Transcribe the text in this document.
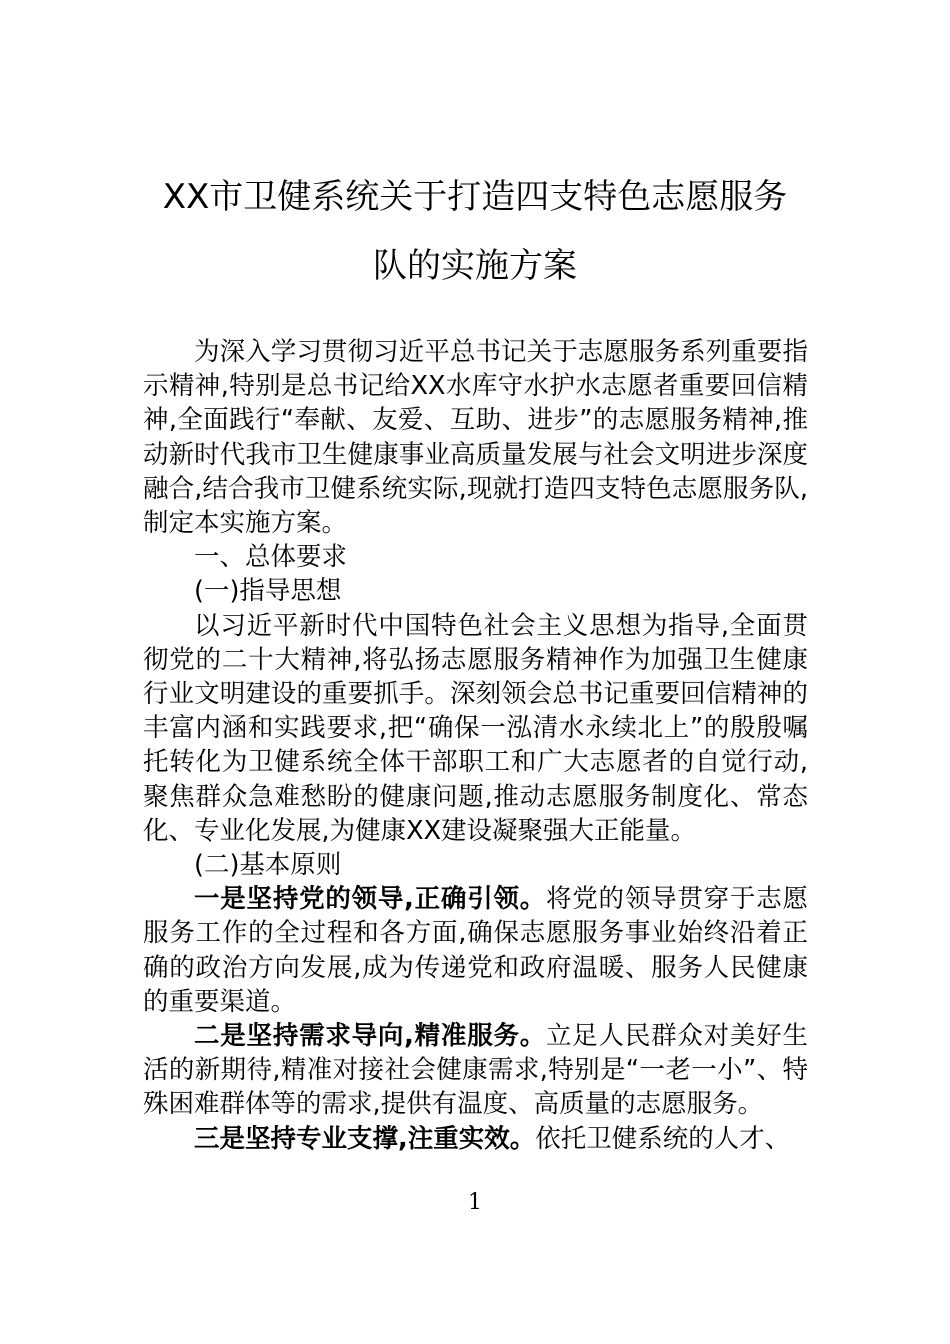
XX市卫健系统关于打造四支特色志愿服务
队的实施方案

为深入学习贯彻习近平总书记关于志愿服务系列重要指示精神,特别是总书记给XX水库守水护水志愿者重要回信精神,全面践行“奉献、友爱、互助、进步”的志愿服务精神,推动新时代我市卫生健康事业高质量发展与社会文明进步深度融合,结合我市卫健系统实际,现就打造四支特色志愿服务队,制定本实施方案。

一、总体要求

(一)指导思想

以习近平新时代中国特色社会主义思想为指导,全面贯彻党的二十大精神,将弘扬志愿服务精神作为加强卫生健康行业文明建设的重要抓手。深刻领会总书记重要回信精神的丰富内涵和实践要求,把“确保一泓清水永续北上”的殷殷嘱托转化为卫健系统全体干部职工和广大志愿者的自觉行动,聚焦群众急难愁盼的健康问题,推动志愿服务制度化、常态化、专业化发展,为健康XX建设凝聚强大正能量。

(二)基本原则

一是坚持党的领导,正确引领。将党的领导贯穿于志愿服务工作的全过程和各方面,确保志愿服务事业始终沿着正确的政治方向发展,成为传递党和政府温暖、服务人民健康的重要渠道。

二是坚持需求导向,精准服务。立足人民群众对美好生活的新期待,精准对接社会健康需求,特别是“一老一小”、特殊困难群体等的需求,提供有温度、高质量的志愿服务。

三是坚持专业支撑,注重实效。依托卫健系统的人才、

1
